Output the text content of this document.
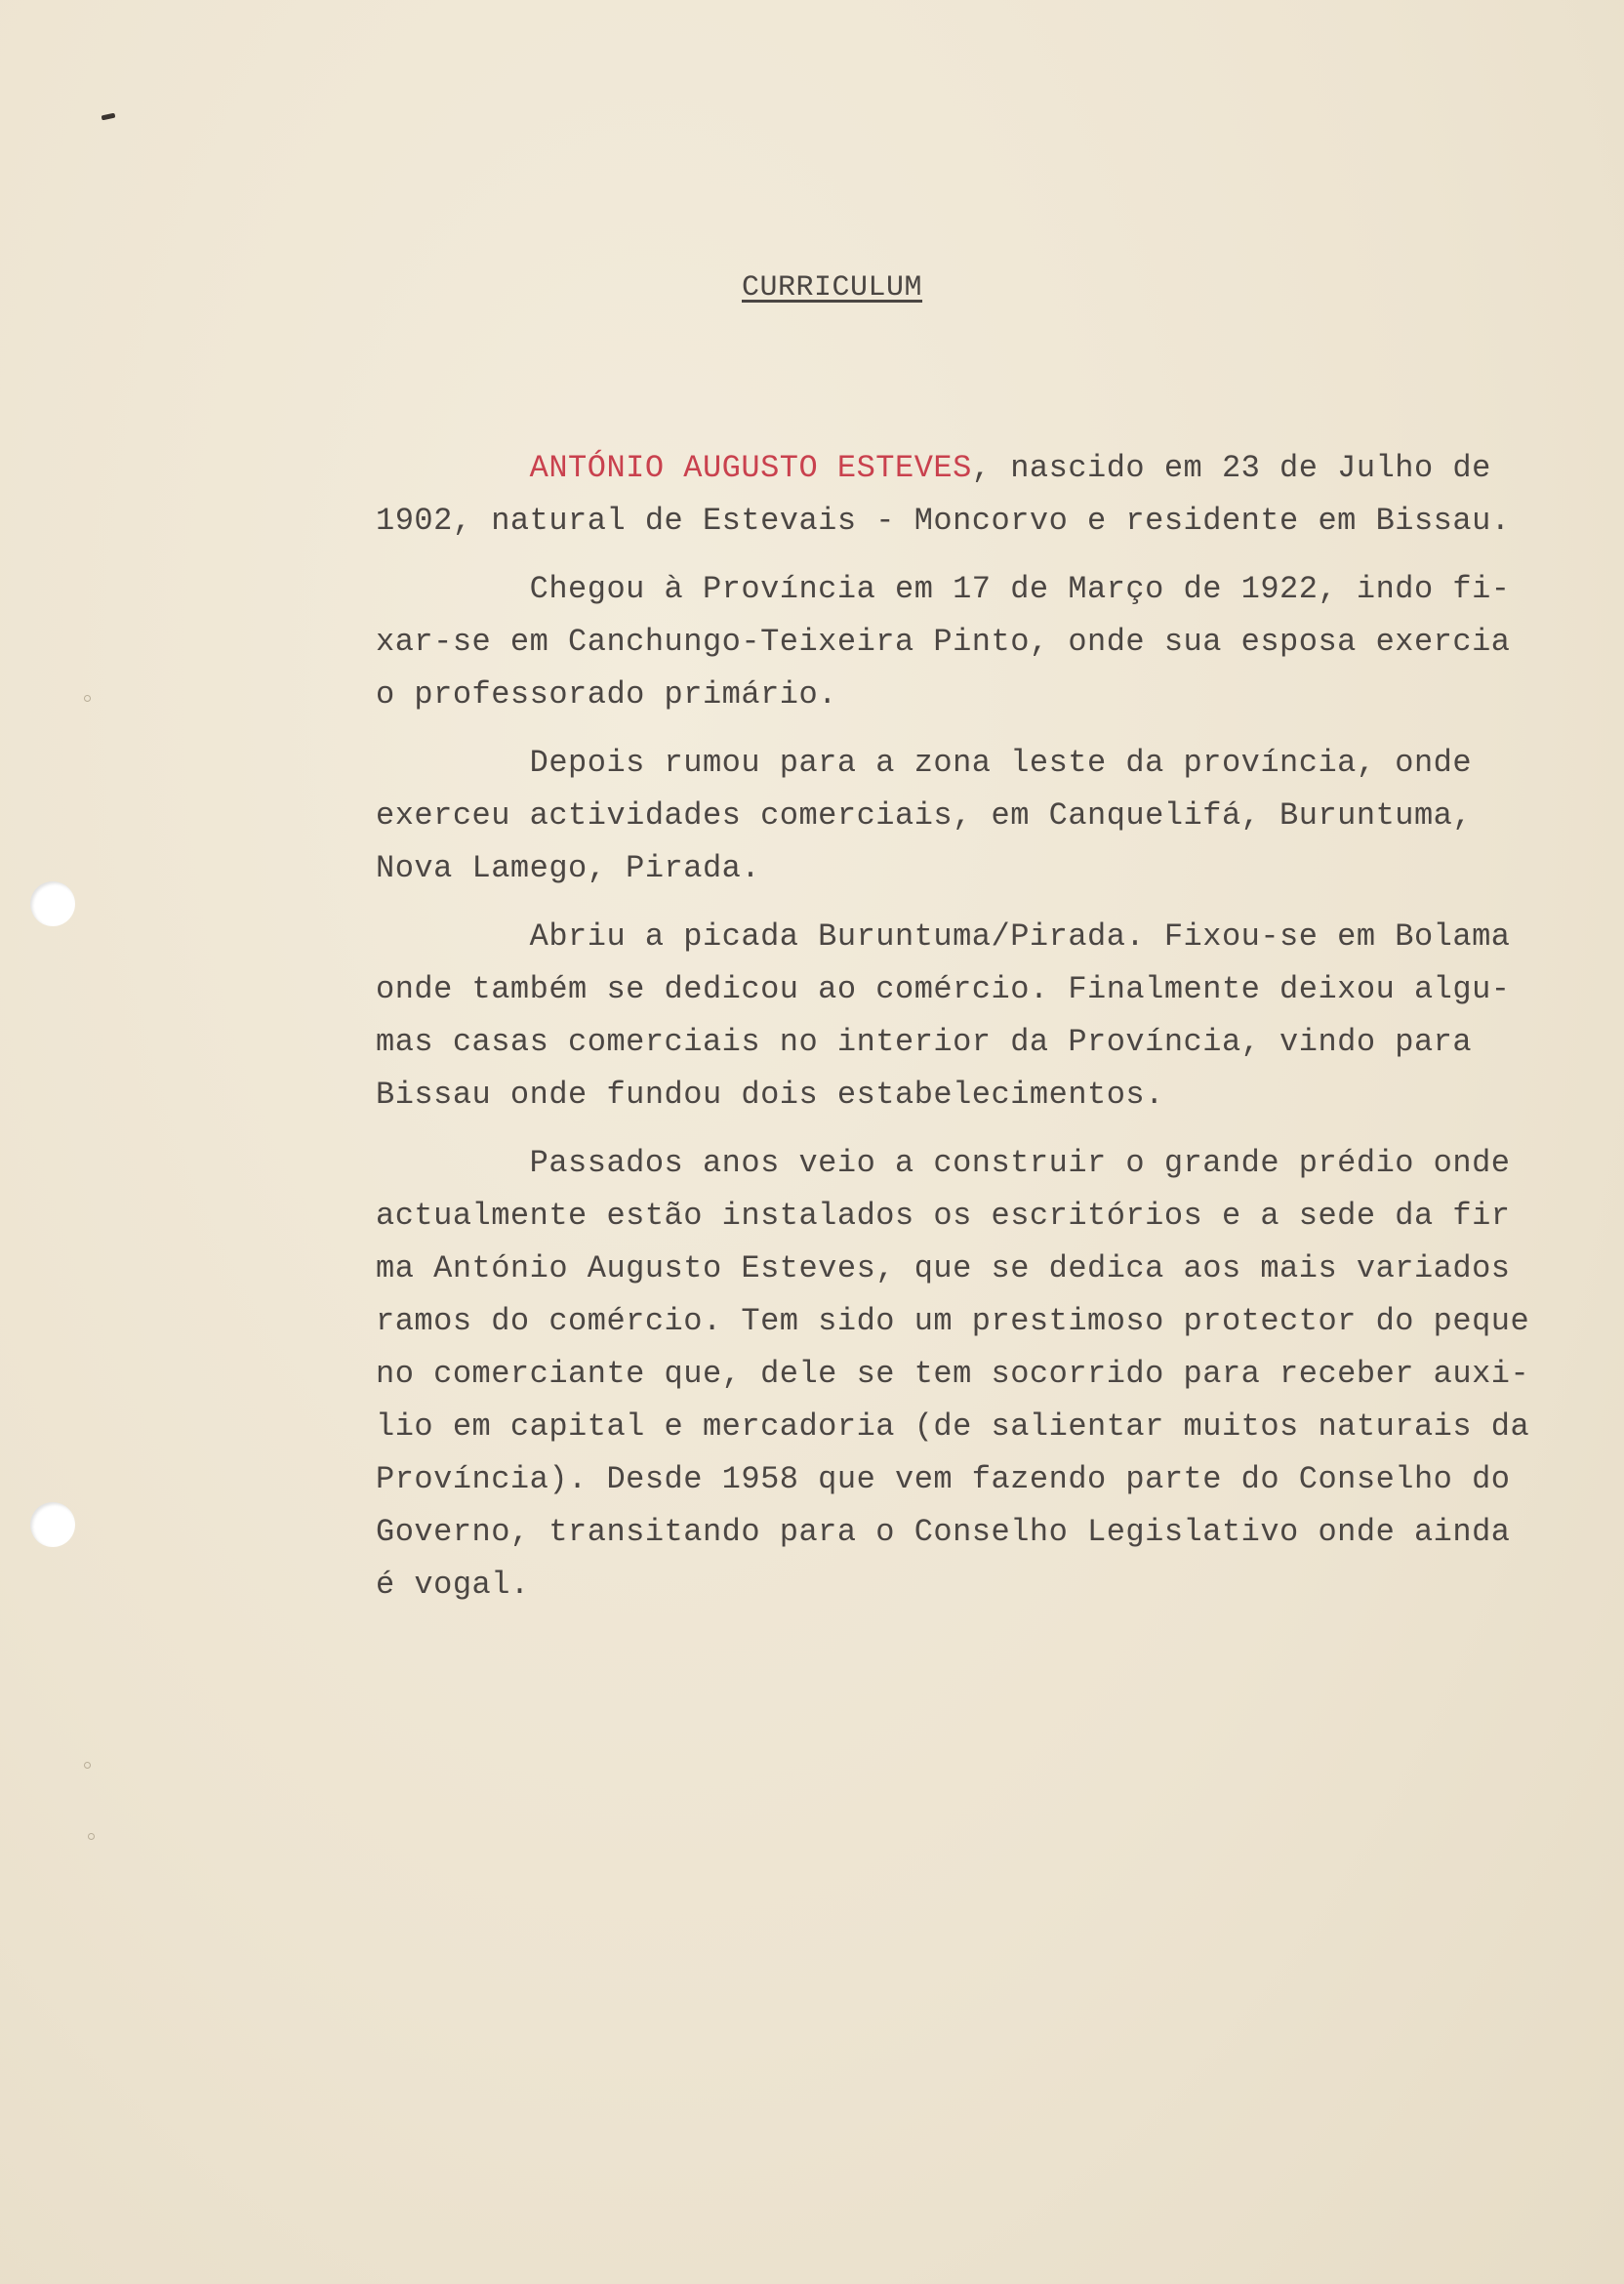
CURRICULUM
ANTÓNIO AUGUSTO ESTEVES, nascido em 23 de Julho de
1902, natural de Estevais - Moncorvo e residente em Bissau.
Chegou à Província em 17 de Março de 1922, indo fi-
xar-se em Canchungo-Teixeira Pinto, onde sua esposa exercia
o professorado primário.
Depois rumou para a zona leste da província, onde
exerceu actividades comerciais, em Canquelifá, Buruntuma,
Nova Lamego, Pirada.
Abriu a picada Buruntuma/Pirada. Fixou-se em Bolama
onde também se dedicou ao comércio. Finalmente deixou algu-
mas casas comerciais no interior da Província, vindo para
Bissau onde fundou dois estabelecimentos.
Passados anos veio a construir o grande prédio onde
actualmente estão instalados os escritórios e a sede da fir
ma António Augusto Esteves, que se dedica aos mais variados
ramos do comércio. Tem sido um prestimoso protector do peque
no comerciante que, dele se tem socorrido para receber auxi-
lio em capital e mercadoria (de salientar muitos naturais da
Província). Desde 1958 que vem fazendo parte do Conselho do
Governo, transitando para o Conselho Legislativo onde ainda
é vogal.
